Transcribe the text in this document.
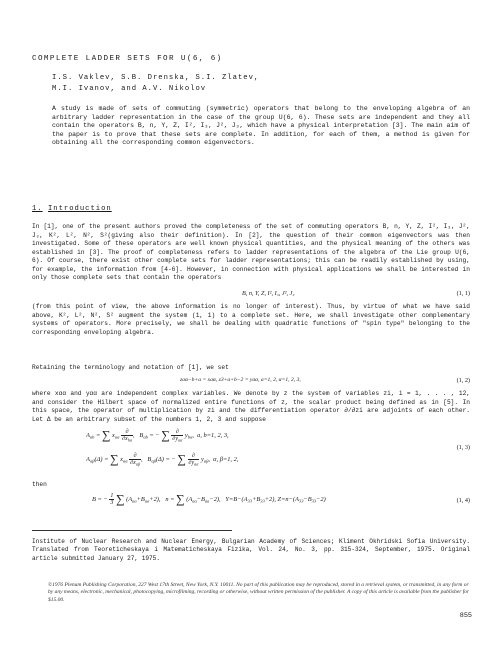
COMPLETE LADDER SETS FOR U(6, 6)
I.S. Vaklev, S.B. Drenska, S.I. Zlatev,
M.I. Ivanov, and A.V. Nikolov
A study is made of sets of commuting (symmetric) operators that belong to the enveloping algebra of an arbitrary ladder representation in the case of the group U(6, 6). These sets are independent and they all contain the operators B, n, Y, Z, I², I₃, J², J₃, which have a physical interpretation [3]. The main aim of the paper is to prove that these sets are complete. In addition, for each of them, a method is given for obtaining all the corresponding common eigenvectors.
1. Introduction
In [1], one of the present authors proved the completeness of the set of commuting operators B, n, Y, Z, I², I₃, J², J₃, K², L², N², S²(giving also their definition). In [2], the question of their common eigenvectors was then investigated. Some of these operators are well known physical quantities, and the physical meaning of the others was established in [3]. The proof of completeness refers to ladder representations of the algebra of the Lie group U(6, 6). Of course, there exist other complete sets for ladder representations; this can be readily established by using, for example, the information from [4-6]. However, in connection with physical applications we shall be interested in only those complete sets that contain the operators
B, n, Y, Z, I², I₃, J², J₃	(1, 1)
(from this point of view, the above information is no longer of interest). Thus, by virtue of what we have said above, K², L², N², S² augment the system (1, 1) to a complete set. Here, we shall investigate other complementary systems of operators. More precisely, we shall be dealing with quadratic functions of "spin type" belonging to the corresponding enveloping algebra.
Retaining the terminology and notation of [1], we set
zaα−b+a = xaα, z3+a+b−2 = yaα, a=1, 2, α=1, 2, 3,	(1, 2)
where xαα and yαα are independent complex variables. We denote by z the system of variables zi, i = 1, . . . , 12, and consider the Hilbert space of normalized entire functions of z, the scalar product being defined as in [5]. In this space, the operator of multiplication by zi and the differentiation operator ∂/∂zi are adjoints of each other. Let Δ be an arbitrary subset of the numbers 1, 2, 3 and suppose
$A_{ab}$ = ∑ $x_{a\alpha} \frac{\partial}{\partial x_{b\alpha}}$ ,   $B_{ab}$ = − ∑ $\frac{\partial}{\partial y_{a\alpha}} y_{b\alpha}$,  a, b=1, 2, 3,
$A_{\alpha\beta}(\Delta)$ = ∑ $x_{a\alpha} \frac{\partial}{\partial x_{a\beta}}$ ,   $B_{\alpha\beta}(\Delta)$ = − ∑ $\frac{\partial}{\partial y_{a\alpha}} y_{a\beta}$,  α, β=1, 2,
(1, 3)
then
B = − $\frac{1}{3}$ ∑ $(A_{aa}+B_{aa}+2)$,   n = ∑ $(A_{aa}-B_{aa}-2)$,   $Y=B-(A_{33}+B_{33}+2)$, $Z=n-(A_{33}-B_{33}-2)$	(1, 4)
Institute of Nuclear Research and Nuclear Energy, Bulgarian Academy of Sciences; Kliment Okhridski Sofia University. Translated from Teoreticheskaya i Matematicheskaya Fizika, Vol. 24, No. 3, pp. 315-324, September, 1975. Original article submitted January 27, 1975.
©1976 Plenum Publishing Corporation, 227 West 17th Street, New York, N.Y. 10011. No part of this publication may be reproduced, stored in a retrieval system, or transmitted, in any form or by any means, electronic, mechanical, photocopying, microfilming, recording or otherwise, without written permission of the publisher. A copy of this article is available from the publisher for $15.00.
855
